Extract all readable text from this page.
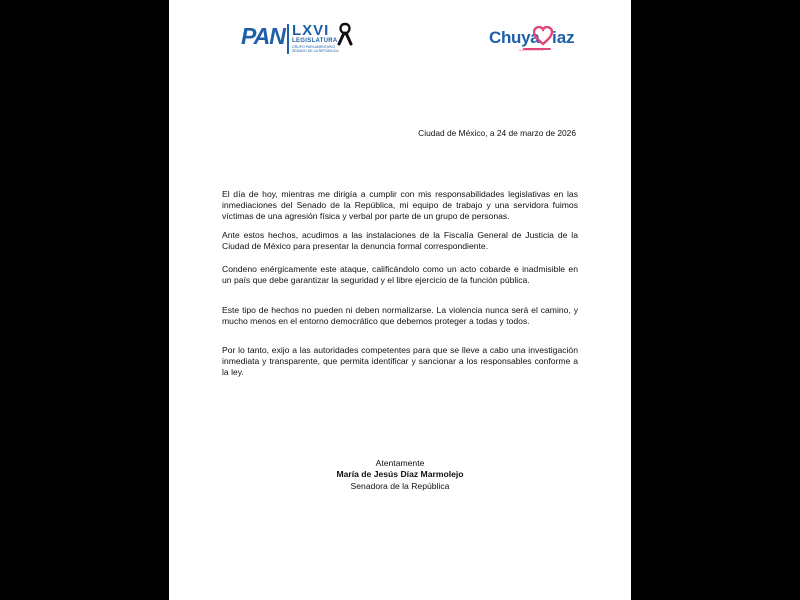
PAN LXVI
LEGISLATURA
GRUPO PARLAMENTARIO
SENADO DE LA REPÚBLICA
Chuya iaz
SENADORA
Ciudad de México, a 24 de marzo de 2026

El día de hoy, mientras me dirigía a cumplir con mis responsabilidades legislativas en las inmediaciones del Senado de la República, mi equipo de trabajo y una servidora fuimos víctimas de una agresión física y verbal por parte de un grupo de personas.

Ante estos hechos, acudimos a las instalaciones de la Fiscalía General de Justicia de la Ciudad de México para presentar la denuncia formal correspondiente.

Condeno enérgicamente este ataque, calificándolo como un acto cobarde e inadmisible en un país que debe garantizar la seguridad y el libre ejercicio de la función pública.

Este tipo de hechos no pueden ni deben normalizarse. La violencia nunca será el camino, y mucho menos en el entorno democrático que debemos proteger a todas y todos.

Por lo tanto, exijo a las autoridades competentes para que se lleve a cabo una investigación inmediata y transparente, que permita identificar y sancionar a los responsables conforme a la ley.

Atentamente
María de Jesús Díaz Marmolejo
Senadora de la República
